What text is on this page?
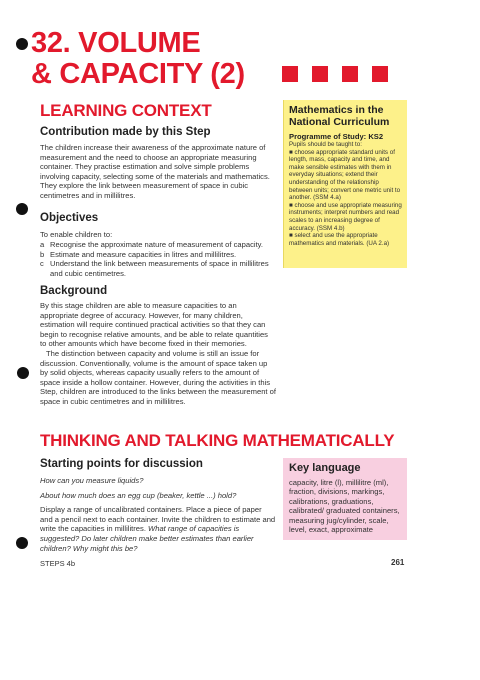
32. VOLUME
& CAPACITY (2)
LEARNING CONTEXT
Contribution made by this Step

The children increase their awareness of the approximate nature of measurement and the need to choose an appropriate measuring container. They practise estimation and solve simple problems involving capacity, selecting some of the materials and mathematics. They explore the link between measurement of space in cubic centimetres and in millilitres.

Objectives
To enable children to:
a Recognise the approximate nature of measurement of capacity.
b Estimate and measure capacities in litres and millilitres.
c Understand the link between measurements of space in millilitres and cubic centimetres.
Background

By this stage children are able to measure capacities to an appropriate degree of accuracy. However, for many children, estimation will require continued practical activities so that they can begin to recognise relative amounts, and be able to relate quantities to other amounts which have become fixed in their memories.

The distinction between capacity and volume is still an issue for discussion. Conventionally, volume is the amount of space taken up by solid objects, whereas capacity usually refers to the amount of space inside a hollow container. However, during the activities in this Step, children are introduced to the links between the measurement of space in cubic centimetres and in millilitres.

Mathematics in the National Curriculum
Programme of Study: KS2
Pupils should be taught to:
■ choose appropriate standard units of length, mass, capacity and time, and make sensible estimates with them in everyday situations; extend their understanding of the relationship between units; convert one metric unit to another. (SSM 4.a)
■ choose and use appropriate measuring instruments; interpret numbers and read scales to an increasing degree of accuracy. (SSM 4.b)
■ select and use the appropriate mathematics and materials. (UA 2.a)
THINKING AND TALKING MATHEMATICALLY
Starting points for discussion

How can you measure liquids?

About how much does an egg cup (beaker, kettle ...) hold?

Display a range of uncalibrated containers. Place a piece of paper and a pencil next to each container. Invite the children to estimate and write the capacities in millilitres. What range of capacities is suggested? Do later children make better estimates than earlier children? Why might this be?

Key language
capacity, litre (l), millilitre (ml), fraction, divisions, markings, calibrations, graduations, calibrated/ graduated containers, measuring jug/cylinder, scale, level, exact, approximate
STEPS 4b	261
